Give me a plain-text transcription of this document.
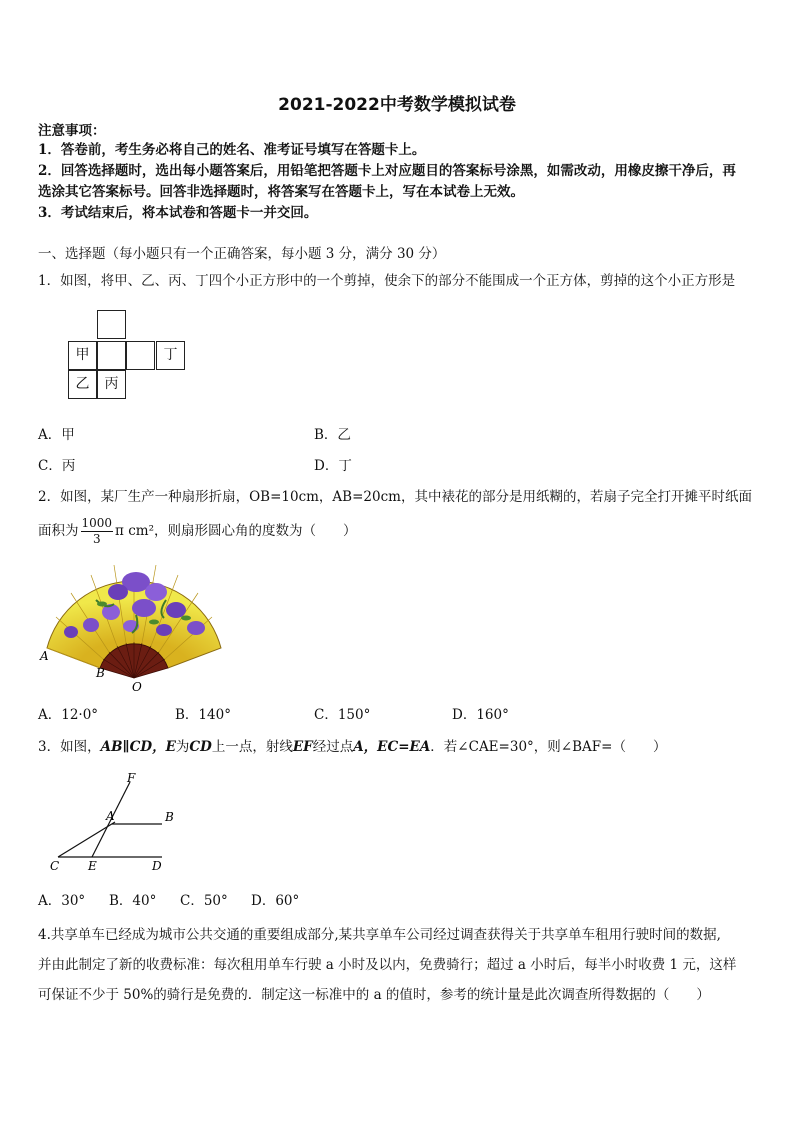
2021-2022中考数学模拟试卷
注意事项：
1．答卷前，考生务必将自己的姓名、准考证号填写在答题卡上。
2．回答选择题时，选出每小题答案后，用铅笔把答题卡上对应题目的答案标号涂黑，如需改动，用橡皮擦干净后，再
选涂其它答案标号。回答非选择题时，将答案写在答题卡上，写在本试卷上无效。
3．考试结束后，将本试卷和答题卡一并交回。
一、选择题（每小题只有一个正确答案，每小题 3 分，满分 30 分）
1．如图，将甲、乙、丙、丁四个小正方形中的一个剪掉，使余下的部分不能围成一个正方体，剪掉的这个小正方形是
甲	丁
乙	丙
A．甲	B．乙
C．丙	D．丁
2．如图，某厂生产一种扇形折扇，OB=10cm，AB=20cm，其中裱花的部分是用纸糊的，若扇子完全打开摊平时纸面
面积为 $\frac{1000}{3}$ π cm²，则扇形圆心角的度数为（　　）
A
B
O
A．12·0°	B．140°	C．150°	D．160°
3．如图，AB∥CD，E为CD上一点，射线EF经过点A，EC=EA．若∠CAE=30°，则∠BAF=（　　）
F
A	B
C E	D
A．30° B．40° C．50° D．60°
4.共享单车已经成为城市公共交通的重要组成部分,某共享单车公司经过调查获得关于共享单车租用行驶时间的数据,
并由此制定了新的收费标准：每次租用单车行驶 a 小时及以内，免费骑行；超过 a 小时后，每半小时收费 1 元，这样
可保证不少于 50%的骑行是免费的．制定这一标准中的 a 的值时，参考的统计量是此次调查所得数据的（　　）
